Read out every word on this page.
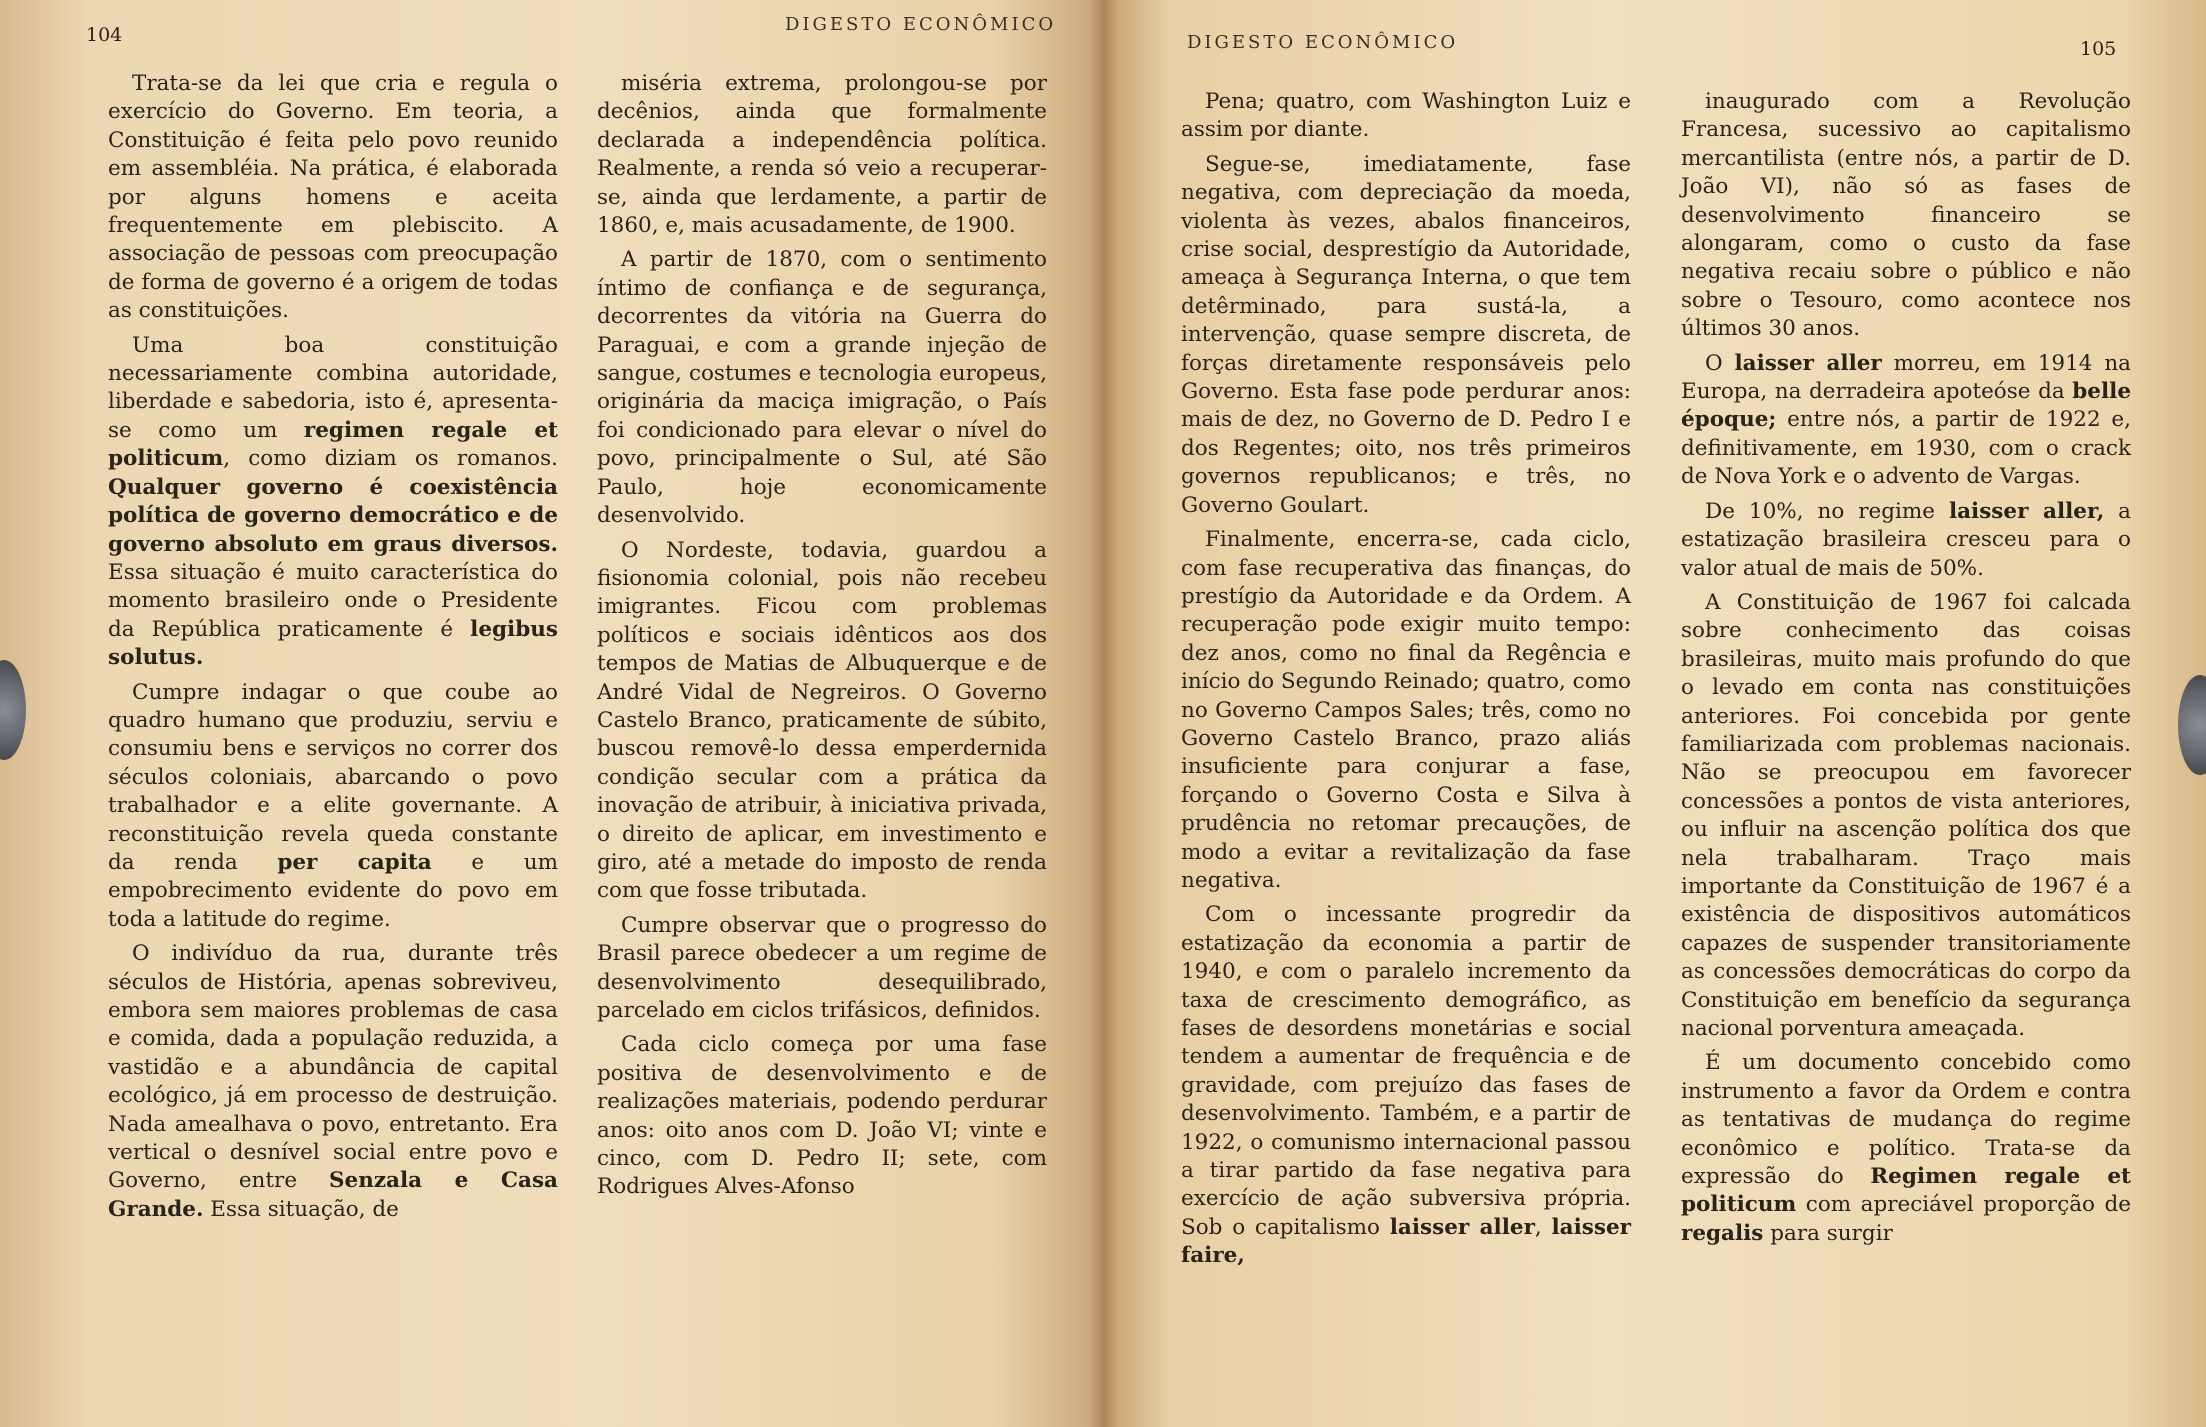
104	DIGESTO ECONÔMICO

Trata-se da lei que cria e regula o exercício do Governo. Em teoria, a Constituição é feita pelo povo reunido em assembléia. Na prática, é elaborada por alguns homens e aceita frequentemente em plebiscito. A associação de pessoas com preocupação de forma de governo é a origem de todas as constituições.

Uma boa constituição necessariamente combina autoridade, liberdade e sabedoria, isto é, apresenta-se como um regimen regale et politicum, como diziam os romanos. Qualquer governo é coexistência política de governo democrático e de governo absoluto em graus diversos. Essa situação é muito característica do momento brasileiro onde o Presidente da República praticamente é legibus solutus.

Cumpre indagar o que coube ao quadro humano que produziu, serviu e consumiu bens e serviços no correr dos séculos coloniais, abarcando o povo trabalhador e a elite governante. A reconstituição revela queda constante da renda per capita e um empobrecimento evidente do povo em toda a latitude do regime.

O indivíduo da rua, durante três séculos de História, apenas sobreviveu, embora sem maiores problemas de casa e comida, dada a população reduzida, a vastidão e a abundância de capital ecológico, já em processo de destruição. Nada amealhava o povo, entretanto. Era vertical o desnível social entre povo e Governo, entre Senzala e Casa Grande. Essa situação, de

miséria extrema, prolongou-se por decênios, ainda que formalmente declarada a independência política. Realmente, a renda só veio a recuperar-se, ainda que lerdamente, a partir de 1860, e, mais acusadamente, de 1900.

A partir de 1870, com o sentimento íntimo de confiança e de segurança, decorrentes da vitória na Guerra do Paraguai, e com a grande injeção de sangue, costumes e tecnologia europeus, originária da maciça imigração, o País foi condicionado para elevar o nível do povo, principalmente o Sul, até São Paulo, hoje economicamente desenvolvido.

O Nordeste, todavia, guardou a fisionomia colonial, pois não recebeu imigrantes. Ficou com problemas políticos e sociais idênticos aos dos tempos de Matias de Albuquerque e de André Vidal de Negreiros. O Governo Castelo Branco, praticamente de súbito, buscou removê-lo dessa emperdernida condição secular com a prática da inovação de atribuir, à iniciativa privada, o direito de aplicar, em investimento e giro, até a metade do imposto de renda com que fosse tributada.

Cumpre observar que o progresso do Brasil parece obedecer a um regime de desenvolvimento desequilibrado, parcelado em ciclos trifásicos, definidos.

Cada ciclo começa por uma fase positiva de desenvolvimento e de realizações materiais, podendo perdurar anos: oito anos com D. João VI; vinte e cinco, com D. Pedro II; sete, com Rodrigues Alves-Afonso

DIGESTO ECONÔMICO	105

Pena; quatro, com Washington Luiz e assim por diante.

Segue-se, imediatamente, fase negativa, com depreciação da moeda, violenta às vezes, abalos financeiros, crise social, desprestígio da Autoridade, ameaça à Segurança Interna, o que tem detêrminado, para sustá-la, a intervenção, quase sempre discreta, de forças diretamente responsáveis pelo Governo. Esta fase pode perdurar anos: mais de dez, no Governo de D. Pedro I e dos Regentes; oito, nos três primeiros governos republicanos; e três, no Governo Goulart.

Finalmente, encerra-se, cada ciclo, com fase recuperativa das finanças, do prestígio da Autoridade e da Ordem. A recuperação pode exigir muito tempo: dez anos, como no final da Regência e início do Segundo Reinado; quatro, como no Governo Campos Sales; três, como no Governo Castelo Branco, prazo aliás insuficiente para conjurar a fase, forçando o Governo Costa e Silva à prudência no retomar precauções, de modo a evitar a revitalização da fase negativa.

Com o incessante progredir da estatização da economia a partir de 1940, e com o paralelo incremento da taxa de crescimento demográfico, as fases de desordens monetárias e social tendem a aumentar de frequência e de gravidade, com prejuízo das fases de desenvolvimento. Também, e a partir de 1922, o comunismo internacional passou a tirar partido da fase negativa para exercício de ação subversiva própria. Sob o capitalismo laisser aller, laisser faire,

inaugurado com a Revolução Francesa, sucessivo ao capitalismo mercantilista (entre nós, a partir de D. João VI), não só as fases de desenvolvimento financeiro se alongaram, como o custo da fase negativa recaiu sobre o público e não sobre o Tesouro, como acontece nos últimos 30 anos.

O laisser aller morreu, em 1914 na Europa, na derradeira apoteóse da belle époque; entre nós, a partir de 1922 e, definitivamente, em 1930, com o crack de Nova York e o advento de Vargas.

De 10%, no regime laisser aller, a estatização brasileira cresceu para o valor atual de mais de 50%.

A Constituição de 1967 foi calcada sobre conhecimento das coisas brasileiras, muito mais profundo do que o levado em conta nas constituições anteriores. Foi concebida por gente familiarizada com problemas nacionais. Não se preocupou em favorecer concessões a pontos de vista anteriores, ou influir na ascenção política dos que nela trabalharam. Traço mais importante da Constituição de 1967 é a existência de dispositivos automáticos capazes de suspender transitoriamente as concessões democráticas do corpo da Constituição em benefício da segurança nacional porventura ameaçada.

É um documento concebido como instrumento a favor da Ordem e contra as tentativas de mudança do regime econômico e político. Trata-se da expressão do Regimen regale et politicum com apreciável proporção de regalis para surgir
